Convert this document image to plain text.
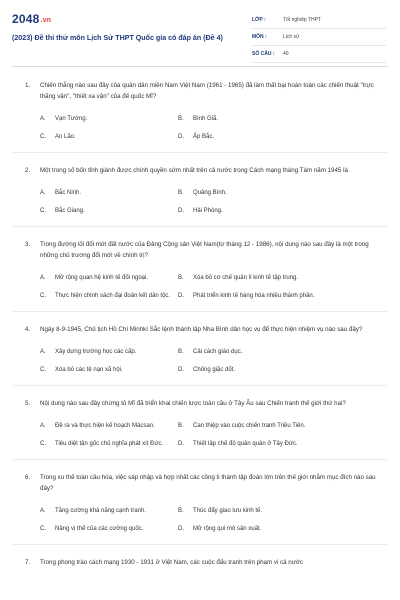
2048.vn
(2023) Đề thi thử môn Lịch Sử THPT Quốc gia có đáp án (Đề 4)
LỚP :	Tốt nghiệp THPT
MÔN :	Lịch sử
SỐ CÂU :	40
1. Chiến thắng nào sau đây của quân dân miền Nam Việt Nam (1961 - 1965) đã làm thất bại hoàn toàn các chiến thuật "trực thăng vận", "thiết xa vận" của đế quốc Mĩ?
A. Vạn Tường.	B. Bình Giã.
C. An Lão.	D. Ấp Bắc.
2. Một trong số bốn tỉnh giành được chính quyền sớm nhất trên cả nước trong Cách mạng tháng Tám năm 1945 là
A. Bắc Ninh.	B. Quảng Bình.
C. Bắc Giang.	D. Hải Phòng.
3. Trong đường lối đổi mới đất nước của Đảng Cộng sản Việt Nam(từ tháng 12 - 1986), nội dung nào sau đây là một trong những chủ trương đổi mới về chính trị?
A. Mở rộng quan hệ kinh tế đối ngoại.	B. Xóa bỏ cơ chế quản lí kinh tế tập trung.
C. Thực hiện chính sách đại đoàn kết dân tộc. D. Phát triển kinh tế hàng hóa nhiều thành phần.
4. Ngày 8-9-1945, Chủ tịch Hồ Chí Minhkí Sắc lệnh thành lập Nha Bình dân học vụ để thực hiện nhiệm vụ nào sau đây?
A. Xây dựng trường học các cấp.	B. Cải cách giáo dục.
C. Xóa bỏ các tệ nạn xã hội.	D. Chống giặc dốt.
5. Nội dung nào sau đây chứng tỏ Mĩ đã triển khai chiến lược toàn cầu ở Tây Âu sau Chiến tranh thế giới thứ hai?
A. Đề ra và thực hiện kế hoạch Mácsan.	B. Can thiệp vào cuộc chiến tranh Triều Tiên.
C. Tiêu diệt tận gốc chủ nghĩa phát xít Đức. D. Thiết lập chế độ quân quản ở Tây Đức.
6. Trong xu thế toàn cầu hóa, việc sáp nhập và hợp nhất các công ti thành tập đoàn lớn trên thế giới nhằm mục đích nào sau đây?
A. Tăng cường khả năng cạnh tranh.	B. Thúc đẩy giao lưu kinh tế.
C. Nâng vị thế của các cường quốc.	D. Mở rộng qui mô sản xuất.
7. Trong phong trào cách mạng 1930 - 1931 ở Việt Nam, các cuộc đấu tranh trên phạm vi cả nước
